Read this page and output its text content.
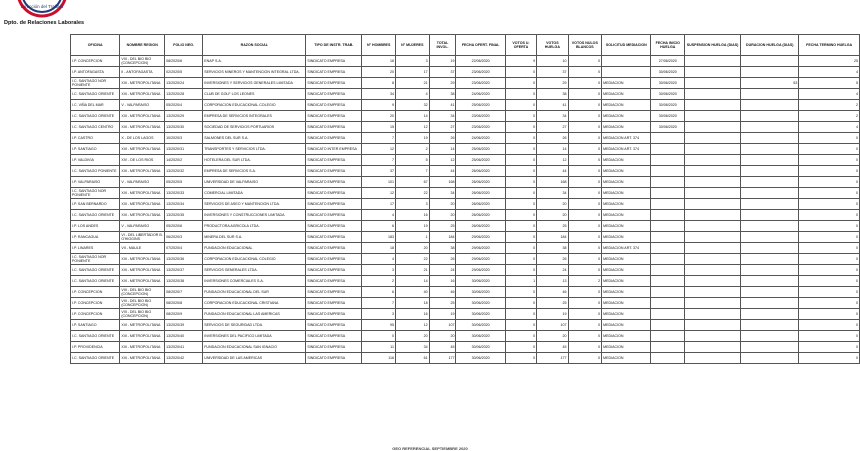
Dirección del Trabajo
Dpto. de Relaciones Laborales
OFICINA	NOMBRE REGION	FOLIO NEG.	RAZON SOCIAL	TIPO DE INSTR. TRAB.	N° HOMBRES	N° MUJERES	TOTAL INVOL.	FECHA OFERT. FINAL	VOTOS U. OFERTA	VOTOS HUELGA	VOTOS NULOS BLANCOS	SOLICITUD MEDIACION	FECHA INICIO HUELGA	SUSPENSION HUELGA (DIAS)	DURACION HUELGA (DIAS)	FECHA TERMINO HUELGA
I.P. CONCEPCION	VIII - DEL BIO BIO (CONCEPCION)	08/2020/6	ENAP S.A.	SINDICATO EMPRESA	16	3	19	22/06/2020	9	10	0		27/06/2020			25
I.P. ANTOFAGASTA	II - ANTOFAGASTA	02/2020/5	SERVICIOS MINEROS Y MANTENCION INTEGRAL LTDA.	SINDICATO EMPRESA	20	17	37	23/06/2020	0	37	0		30/06/2020			4
I.C. SANTIAGO NOR PONIENTE	XIII - METROPOLITANA	13/2020/24	INVERSIONES Y SERVICIOS GENERALES LIMITADA	SINDICATO EMPRESA	8	21	29	23/06/2020	0	29	0	MEDIACION	30/06/2020		63	5
I.C. SANTIAGO ORIENTE	XIII - METROPOLITANA	13/2020/28	CLUB DE GOLF LOS LEONES	SINDICATO EMPRESA	34	4	38	24/06/2020	0	38	0	MEDIACION	30/06/2020			4
I.C. VIÑA DEL MAR	V - VALPARAISO	05/2020/4	CORPORACION EDUCACIONAL COLEGIO	SINDICATO EMPRESA	9	32	41	25/06/2020	0	41	0	MEDIACION	30/06/2020			2
I.C. SANTIAGO ORIENTE	XIII - METROPOLITANA	13/2020/29	EMPRESA DE SERVICIOS INTEGRALES	SINDICATO EMPRESA	20	14	34	23/06/2020	0	34	0	MEDIACION	30/06/2020			2
I.C. SANTIAGO CENTRO	XIII - METROPOLITANA	13/2020/30	SOCIEDAD DE SERVICIOS PORTUARIOS	SINDICATO EMPRESA	15	12	27	23/06/2020	0	27	0	MEDIACION	30/06/2020			4
I.P. CASTRO	X - DE LOS LAGOS	10/2020/3	SALMONES DEL SUR S.A.	SINDICATO EMPRESA	7	19	26	24/06/2020	0	26	0	MEDIACION ART. 374				0
I.P. SANTIAGO	XIII - METROPOLITANA	13/2020/31	TRANSPORTES Y SERVICIOS LTDA.	SINDICATO INTER EMPRESA	12	2	14	25/06/2020	0	14	0	MEDIACION ART. 374				0
I.P. VALDIVIA	XIV - DE LOS RIOS	14/2020/2	HOTELERA DEL SUR LTDA.	SINDICATO EMPRESA	7	5	12	25/06/2020	0	12	0	MEDIACION				0
I.C. SANTIAGO PONIENTE	XIII - METROPOLITANA	13/2020/32	EMPRESA DE SERVICIOS S.A.	SINDICATO EMPRESA	37	7	44	26/06/2020	0	44	0	MEDIACION				0
I.P. VALPARAISO	V - VALPARAISO	05/2020/5	UNIVERSIDAD DE VALPARAISO	SINDICATO EMPRESA	101	67	168	26/06/2020	0	168	0	MEDIACION				0
I.C. SANTIAGO NOR PONIENTE	XIII - METROPOLITANA	13/2020/33	COMERCIAL LIMITADA	SINDICATO EMPRESA	12	22	34	26/06/2020	0	34	0	MEDIACION				0
I.P. SAN BERNARDO	XIII - METROPOLITANA	13/2020/34	SERVICIOS DE ASEO Y MANTENCION LTDA.	SINDICATO EMPRESA	17	3	20	26/06/2020	0	20	0	MEDIACION				0
I.C. SANTIAGO ORIENTE	XIII - METROPOLITANA	13/2020/35	INVERSIONES Y CONSTRUCCIONES LIMITADA	SINDICATO EMPRESA	4	16	20	26/06/2020	0	20	0	MEDIACION				0
I.P. LOS ANDES	V - VALPARAISO	05/2020/6	PRODUCTORA AGRICOLA LTDA.	SINDICATO EMPRESA	6	19	25	26/06/2020	0	25	0	MEDIACION				0
I.P. RANCAGUA	VI - DEL LIBERTADOR B. O'HIGGINS	06/2020/3	MINERA DEL SUR S.A.	SINDICATO EMPRESA	183	1	184	29/06/2020	0	184	0	MEDIACION				0
I.P. LINARES	VII - MAULE	07/2020/4	FUNDACION EDUCACIONAL	SINDICATO EMPRESA	18	20	38	29/06/2020	0	38	0	MEDIACION ART. 374				0
I.C. SANTIAGO NOR PONIENTE	XIII - METROPOLITANA	13/2020/36	CORPORACION EDUCACIONAL COLEGIO	SINDICATO EMPRESA	4	22	26	29/06/2020	0	26	0	MEDIACION				0
I.C. SANTIAGO ORIENTE	XIII - METROPOLITANA	13/2020/37	SERVICIOS GENERALES LTDA.	SINDICATO EMPRESA	3	21	24	29/06/2020	0	24	0	MEDIACION				0
I.C. SANTIAGO ORIENTE	XIII - METROPOLITANA	13/2020/38	INVERSIONES COMERCIALES S.A.	SINDICATO EMPRESA	2	14	16	30/06/2020	1	13	2	MEDIACION				0
I.P. CONCEPCION	VIII - DEL BIO BIO (CONCEPCION)	08/2020/7	FUNDACION EDUCACIONAL DEL SUR	SINDICATO EMPRESA	6	40	46	30/06/2020	0	46	0	MEDIACION				0
I.P. CONCEPCION	VIII - DEL BIO BIO (CONCEPCION)	08/2020/8	CORPORACION EDUCACIONAL CRISTIANA	SINDICATO EMPRESA	7	18	25	30/06/2020	0	25	0	MEDIACION				0
I.P. CONCEPCION	VIII - DEL BIO BIO (CONCEPCION)	08/2020/9	FUNDACION EDUCACIONAL LAS AMERICAS	SINDICATO EMPRESA	3	16	19	30/06/2020	0	19	0	MEDIACION				0
I.P. SANTIAGO	XIII - METROPOLITANA	13/2020/39	SERVICIOS DE SEGURIDAD LTDA.	SINDICATO EMPRESA	95	12	107	30/06/2020	0	107	0	MEDIACION				0
I.C. SANTIAGO ORIENTE	XIII - METROPOLITANA	13/2020/40	INVERSIONES DEL PACIFICO LIMITADA	SINDICATO EMPRESA	0	20	20	30/06/2020	0	20	0	MEDIACION				0
I.P. PROVIDENCIA	XIII - METROPOLITANA	13/2020/41	FUNDACION EDUCACIONAL SAN IGNACIO	SINDICATO EMPRESA	11	34	45	30/06/2020	0	45	0	MEDIACION				0
I.C. SANTIAGO ORIENTE	XIII - METROPOLITANA	13/2020/42	UNIVERSIDAD DE LAS AMERICAS	SINDICATO EMPRESA	116	61	177	30/06/2020	0	177	0	MEDIACION				0
GEO REFERENCIAL SEPTIEMBRE 2020
